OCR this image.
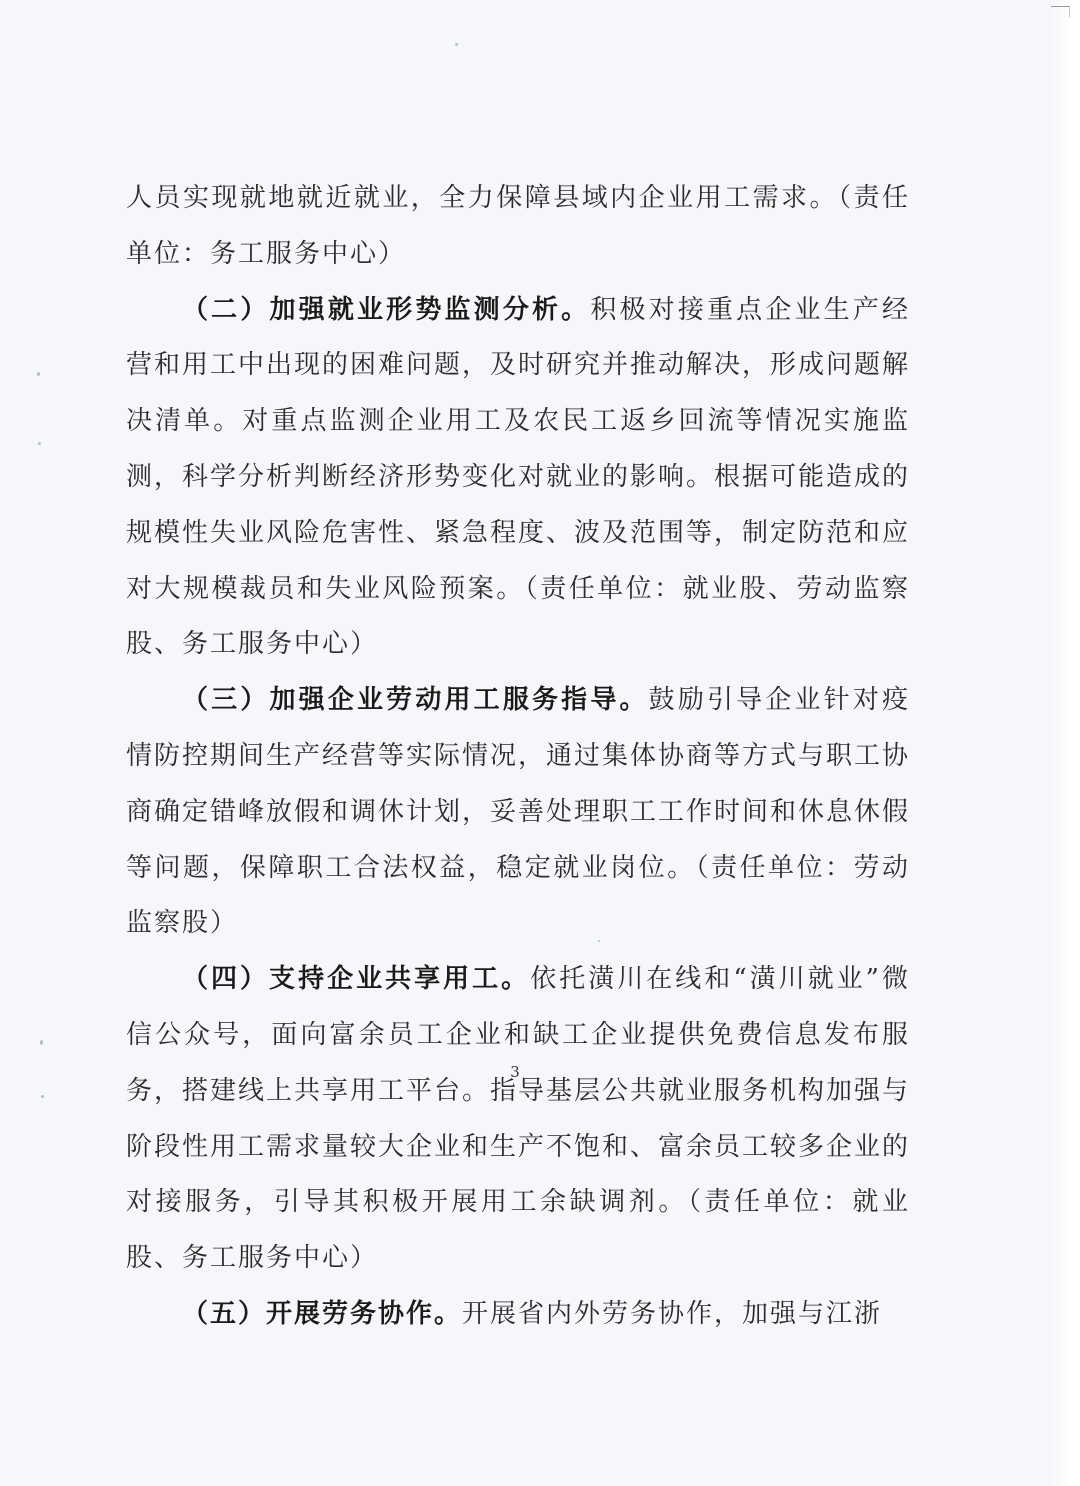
人员实现就地就近就业，全力保障县域内企业用工需求。（责任单位：务工服务中心）

（二）加强就业形势监测分析。积极对接重点企业生产经营和用工中出现的困难问题，及时研究并推动解决，形成问题解决清单。对重点监测企业用工及农民工返乡回流等情况实施监测，科学分析判断经济形势变化对就业的影响。根据可能造成的规模性失业风险危害性、紧急程度、波及范围等，制定防范和应对大规模裁员和失业风险预案。（责任单位：就业股、劳动监察股、务工服务中心）

（三）加强企业劳动用工服务指导。鼓励引导企业针对疫情防控期间生产经营等实际情况，通过集体协商等方式与职工协商确定错峰放假和调休计划，妥善处理职工工作时间和休息休假等问题，保障职工合法权益，稳定就业岗位。（责任单位：劳动监察股）

（四）支持企业共享用工。依托潢川在线和“潢川就业”微信公众号，面向富余员工企业和缺工企业提供免费信息发布服务，搭建线上共享用工平台。指导基层公共就业服务机构加强与阶段性用工需求量较大企业和生产不饱和、富余员工较多企业的对接服务，引导其积极开展用工余缺调剂。（责任单位：就业股、务工服务中心）

（五）开展劳务协作。开展省内外劳务协作，加强与江浙

3
